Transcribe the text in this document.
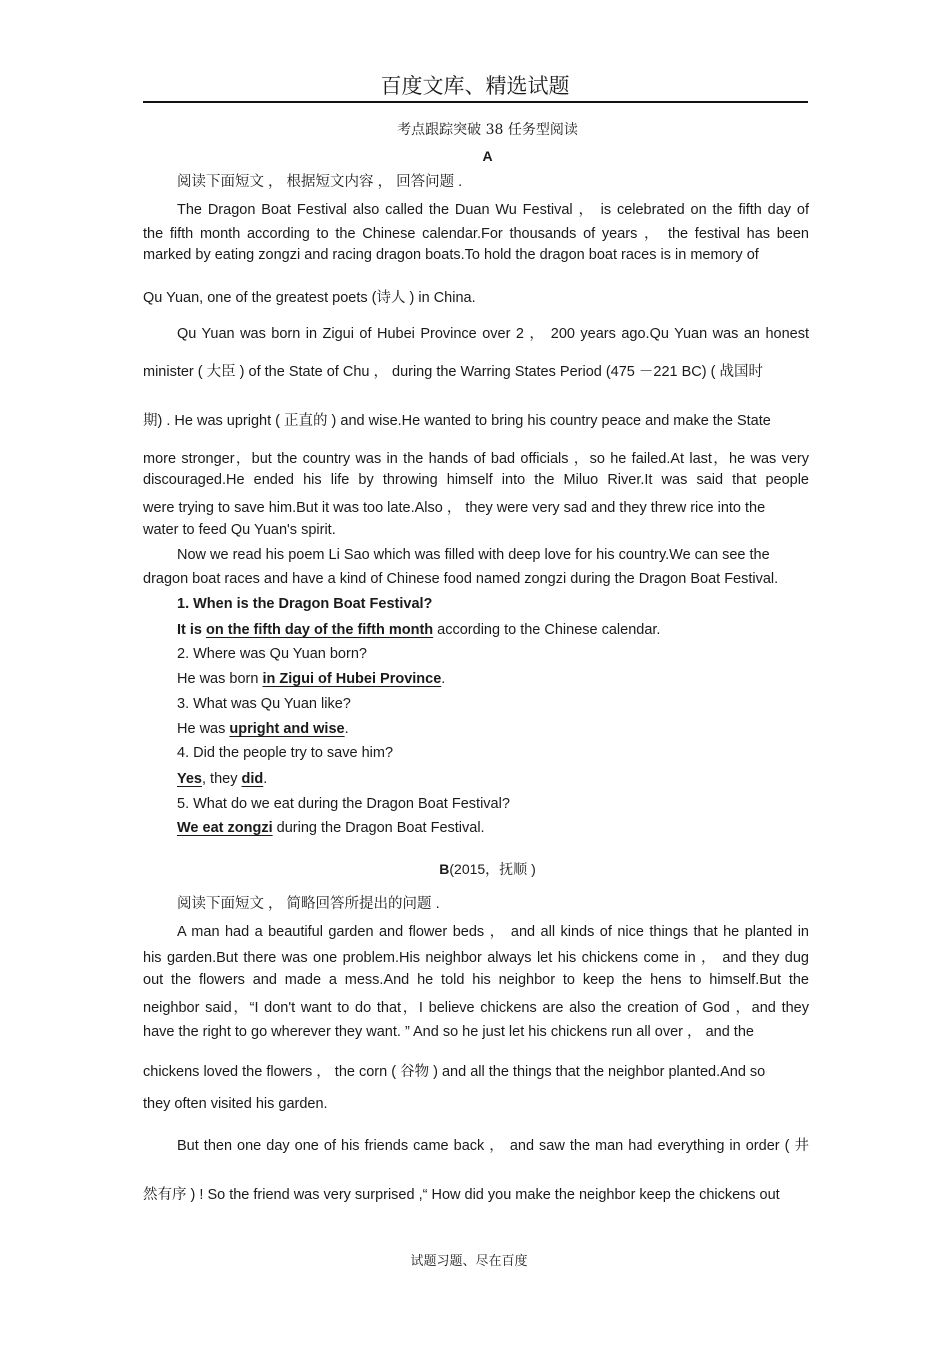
百度文库、精选试题
考点跟踪突破 38 任务型阅读
A
阅读下面短文 ， 根据短文内容 ， 回答问题 .
The Dragon Boat Festival also called the Duan Wu Festival ， is celebrated on the fifth day of
the fifth month according to the Chinese calendar.For thousands of years ， the festival has been
marked by eating zongzi and racing dragon boats.To hold the dragon boat races is in memory of
Qu Yuan, one of the greatest poets (诗人 ) in China.
Qu Yuan was born in Zigui of Hubei Province over 2 ， 200 years ago.Qu Yuan was an honest
minister ( 大臣 ) of the State of Chu ， during the Warring States Period (475 －221 BC) ( 战国时
期) . He was upright ( 正直的 ) and wise.He wanted to bring his country peace and make the State
more stronger，but the country was in the hands of bad officials ，so he failed.At last，he was very
discouraged.He ended his life by throwing himself into the Miluo River.It was said that people
were trying to save him.But it was too late.Also ， they were very sad and they threw rice into the
water to feed Qu Yuan's spirit.
Now we read his poem Li Sao which was filled with deep love for his country.We can see the
dragon boat races and have a kind of Chinese food named zongzi during the Dragon Boat Festival.
1. When is the Dragon Boat Festival?
It is on the fifth day of the fifth month according to the Chinese calendar.
2. Where was Qu Yuan born?
He was born in Zigui of Hubei Province.
3. What was Qu Yuan like?
He was upright and wise.
4. Did the people try to save him?
Yes, they did.
5. What do we eat during the Dragon Boat Festival?
We eat zongzi during the Dragon Boat Festival.
B(2015，抚顺 )
阅读下面短文 ， 简略回答所提出的问题 .
A man had a beautiful garden and flower beds ， and all kinds of nice things that he planted in
his garden.But there was one problem.His neighbor always let his chickens come in ， and they dug
out the flowers and made a mess.And he told his neighbor to keep the hens to himself.But the
neighbor said，“I don't want to do that，I believe chickens are also the creation of God ，and they
have the right to go wherever they want. ” And so he just let his chickens run all over ， and the
chickens loved the flowers ， the corn ( 谷物 ) and all the things that the neighbor planted.And so
they often visited his garden.
But then one day one of his friends came back ， and saw the man had everything in order ( 井
然有序 ) ! So the friend was very surprised ,“ How did you make the neighbor keep the chickens out
试题习题、尽在百度
